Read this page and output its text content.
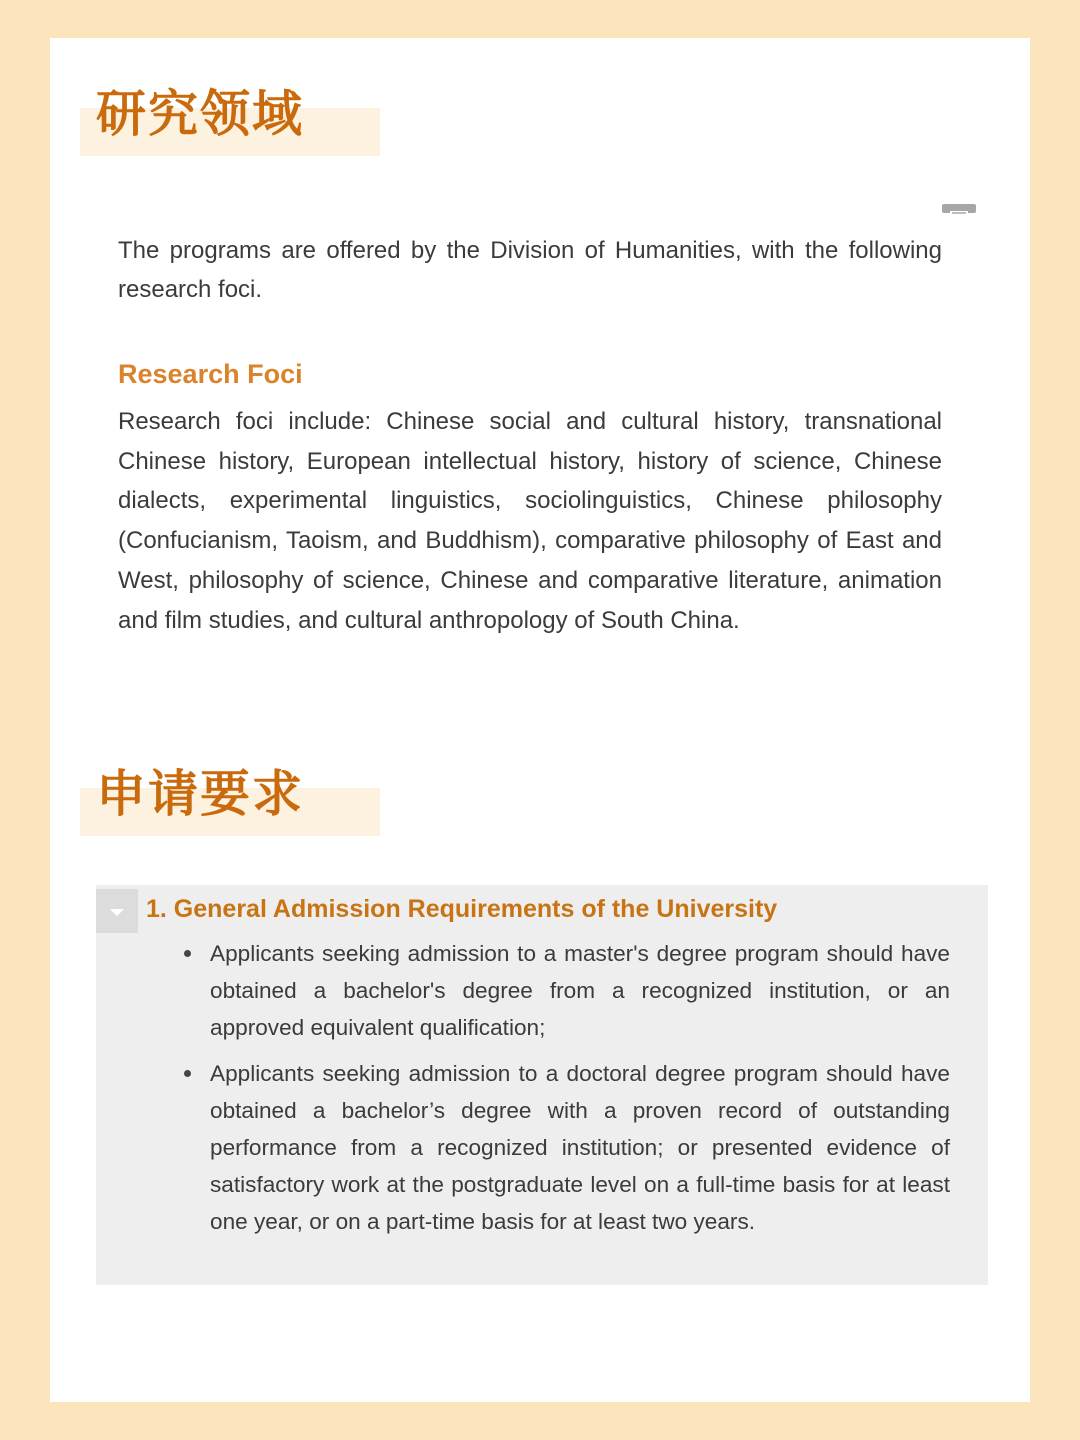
研究领域

The programs are offered by the Division of Humanities, with the following research foci.

Research Foci

Research foci include: Chinese social and cultural history, transnational Chinese history, European intellectual history, history of science, Chinese dialects, experimental linguistics, sociolinguistics, Chinese philosophy (Confucianism, Taoism, and Buddhism), comparative philosophy of East and West, philosophy of science, Chinese and comparative literature, animation and film studies, and cultural anthropology of South China.

申请要求
1. General Admission Requirements of the University
Applicants seeking admission to a master's degree program should have obtained a bachelor's degree from a recognized institution, or an approved equivalent qualification;
Applicants seeking admission to a doctoral degree program should have obtained a bachelor’s degree with a proven record of outstanding performance from a recognized institution; or presented evidence of satisfactory work at the postgraduate level on a full-time basis for at least one year, or on a part-time basis for at least two years.
